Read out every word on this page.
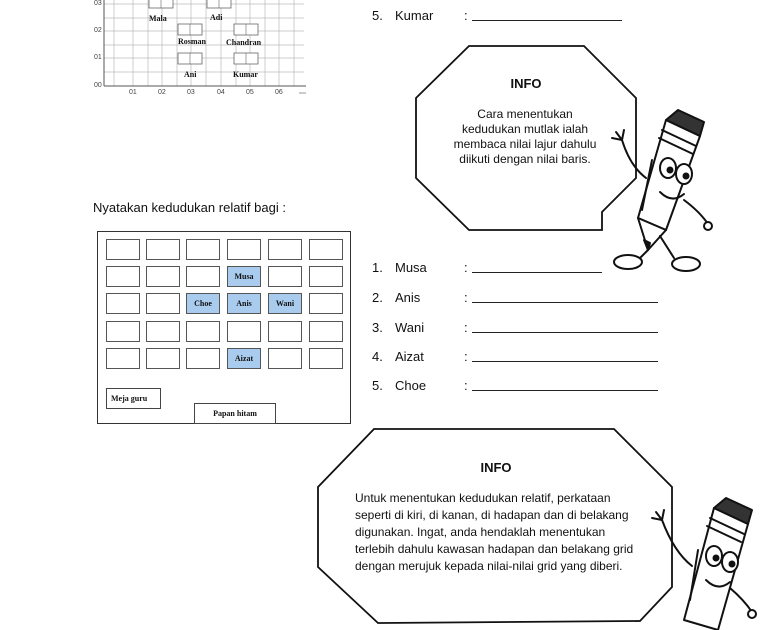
03
02
01
00
01	02	03	04	05	06
Mala	Adi
Rosman Chandran
Ani	Kumar
5. Kumar :
INFO
Cara menentukan kedudukan mutlak ialah membaca nilai lajur dahulu diikuti dengan nilai baris.
Nyatakan kedudukan relatif bagi :
Musa
Choe	Anis	Wani
Aizat
Meja guru
Papan hitam
1. Musa	:
2. Anis	:
3. Wani	:
4. Aizat	:
5. Choe	:
INFO
Untuk menentukan kedudukan relatif, perkataan seperti di kiri, di kanan, di hadapan dan di belakang digunakan. Ingat, anda hendaklah menentukan terlebih dahulu kawasan hadapan dan belakang grid dengan merujuk kepada nilai-nilai grid yang diberi.
